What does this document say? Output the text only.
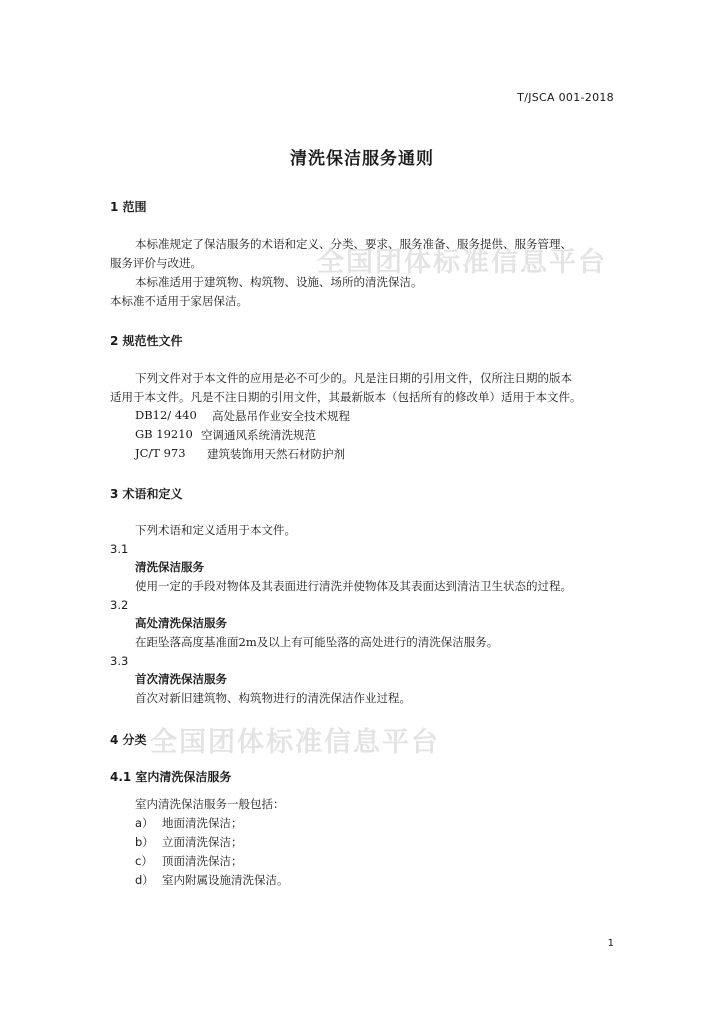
全国团体标准信息平台
全国团体标准信息平台
T/JSCA 001-2018
清洗保洁服务通则
1 范围
本标准规定了保洁服务的术语和定义、分类、要求、服务准备、服务提供、服务管理、
服务评价与改进。
本标准适用于建筑物、构筑物、设施、场所的清洗保洁。
本标准不适用于家居保洁。
2 规范性文件
下列文件对于本文件的应用是必不可少的。凡是注日期的引用文件，仅所注日期的版本
适用于本文件。凡是不注日期的引用文件，其最新版本（包括所有的修改单）适用于本文件。
DB12/ 440 高处悬吊作业安全技术规程
GB 19210 空调通风系统清洗规范
JC/T 973 建筑装饰用天然石材防护剂
3 术语和定义
下列术语和定义适用于本文件。
3.1
清洗保洁服务
使用一定的手段对物体及其表面进行清洗并使物体及其表面达到清洁卫生状态的过程。
3.2
高处清洗保洁服务
在距坠落高度基准面2m及以上有可能坠落的高处进行的清洗保洁服务。
3.3
首次清洗保洁服务
首次对新旧建筑物、构筑物进行的清洗保洁作业过程。
4 分类
4.1 室内清洗保洁服务
室内清洗保洁服务一般包括：
a） 地面清洗保洁；
b） 立面清洗保洁；
c） 顶面清洗保洁；
d） 室内附属设施清洗保洁。
1
